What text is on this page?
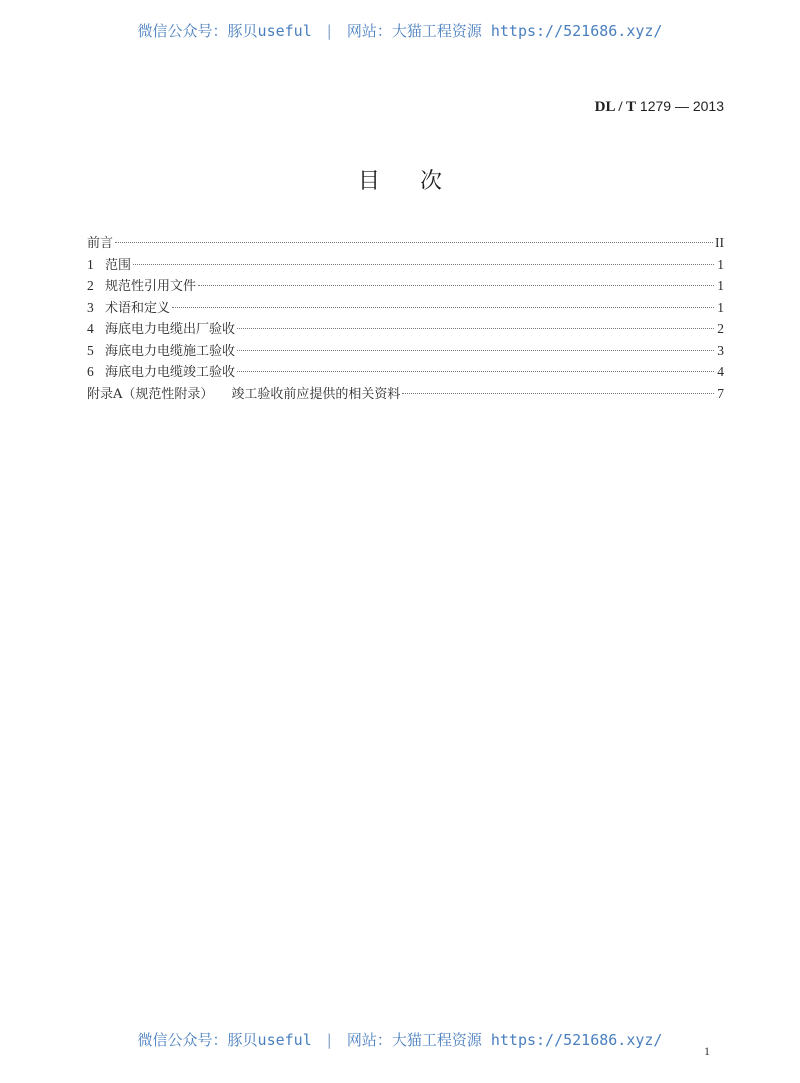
微信公众号：豚贝useful | 网站：大猫工程资源 https://521686.xyz/
DL / T 1279 — 2013
目次
前言	II
1 范围	1
2 规范性引用文件	1
3 术语和定义	1
4 海底电力电缆出厂验收	2
5 海底电力电缆施工验收	3
6 海底电力电缆竣工验收	4
附录A（规范性附录） 竣工验收前应提供的相关资料	7
微信公众号：豚贝useful | 网站：大猫工程资源 https://521686.xyz/
1
